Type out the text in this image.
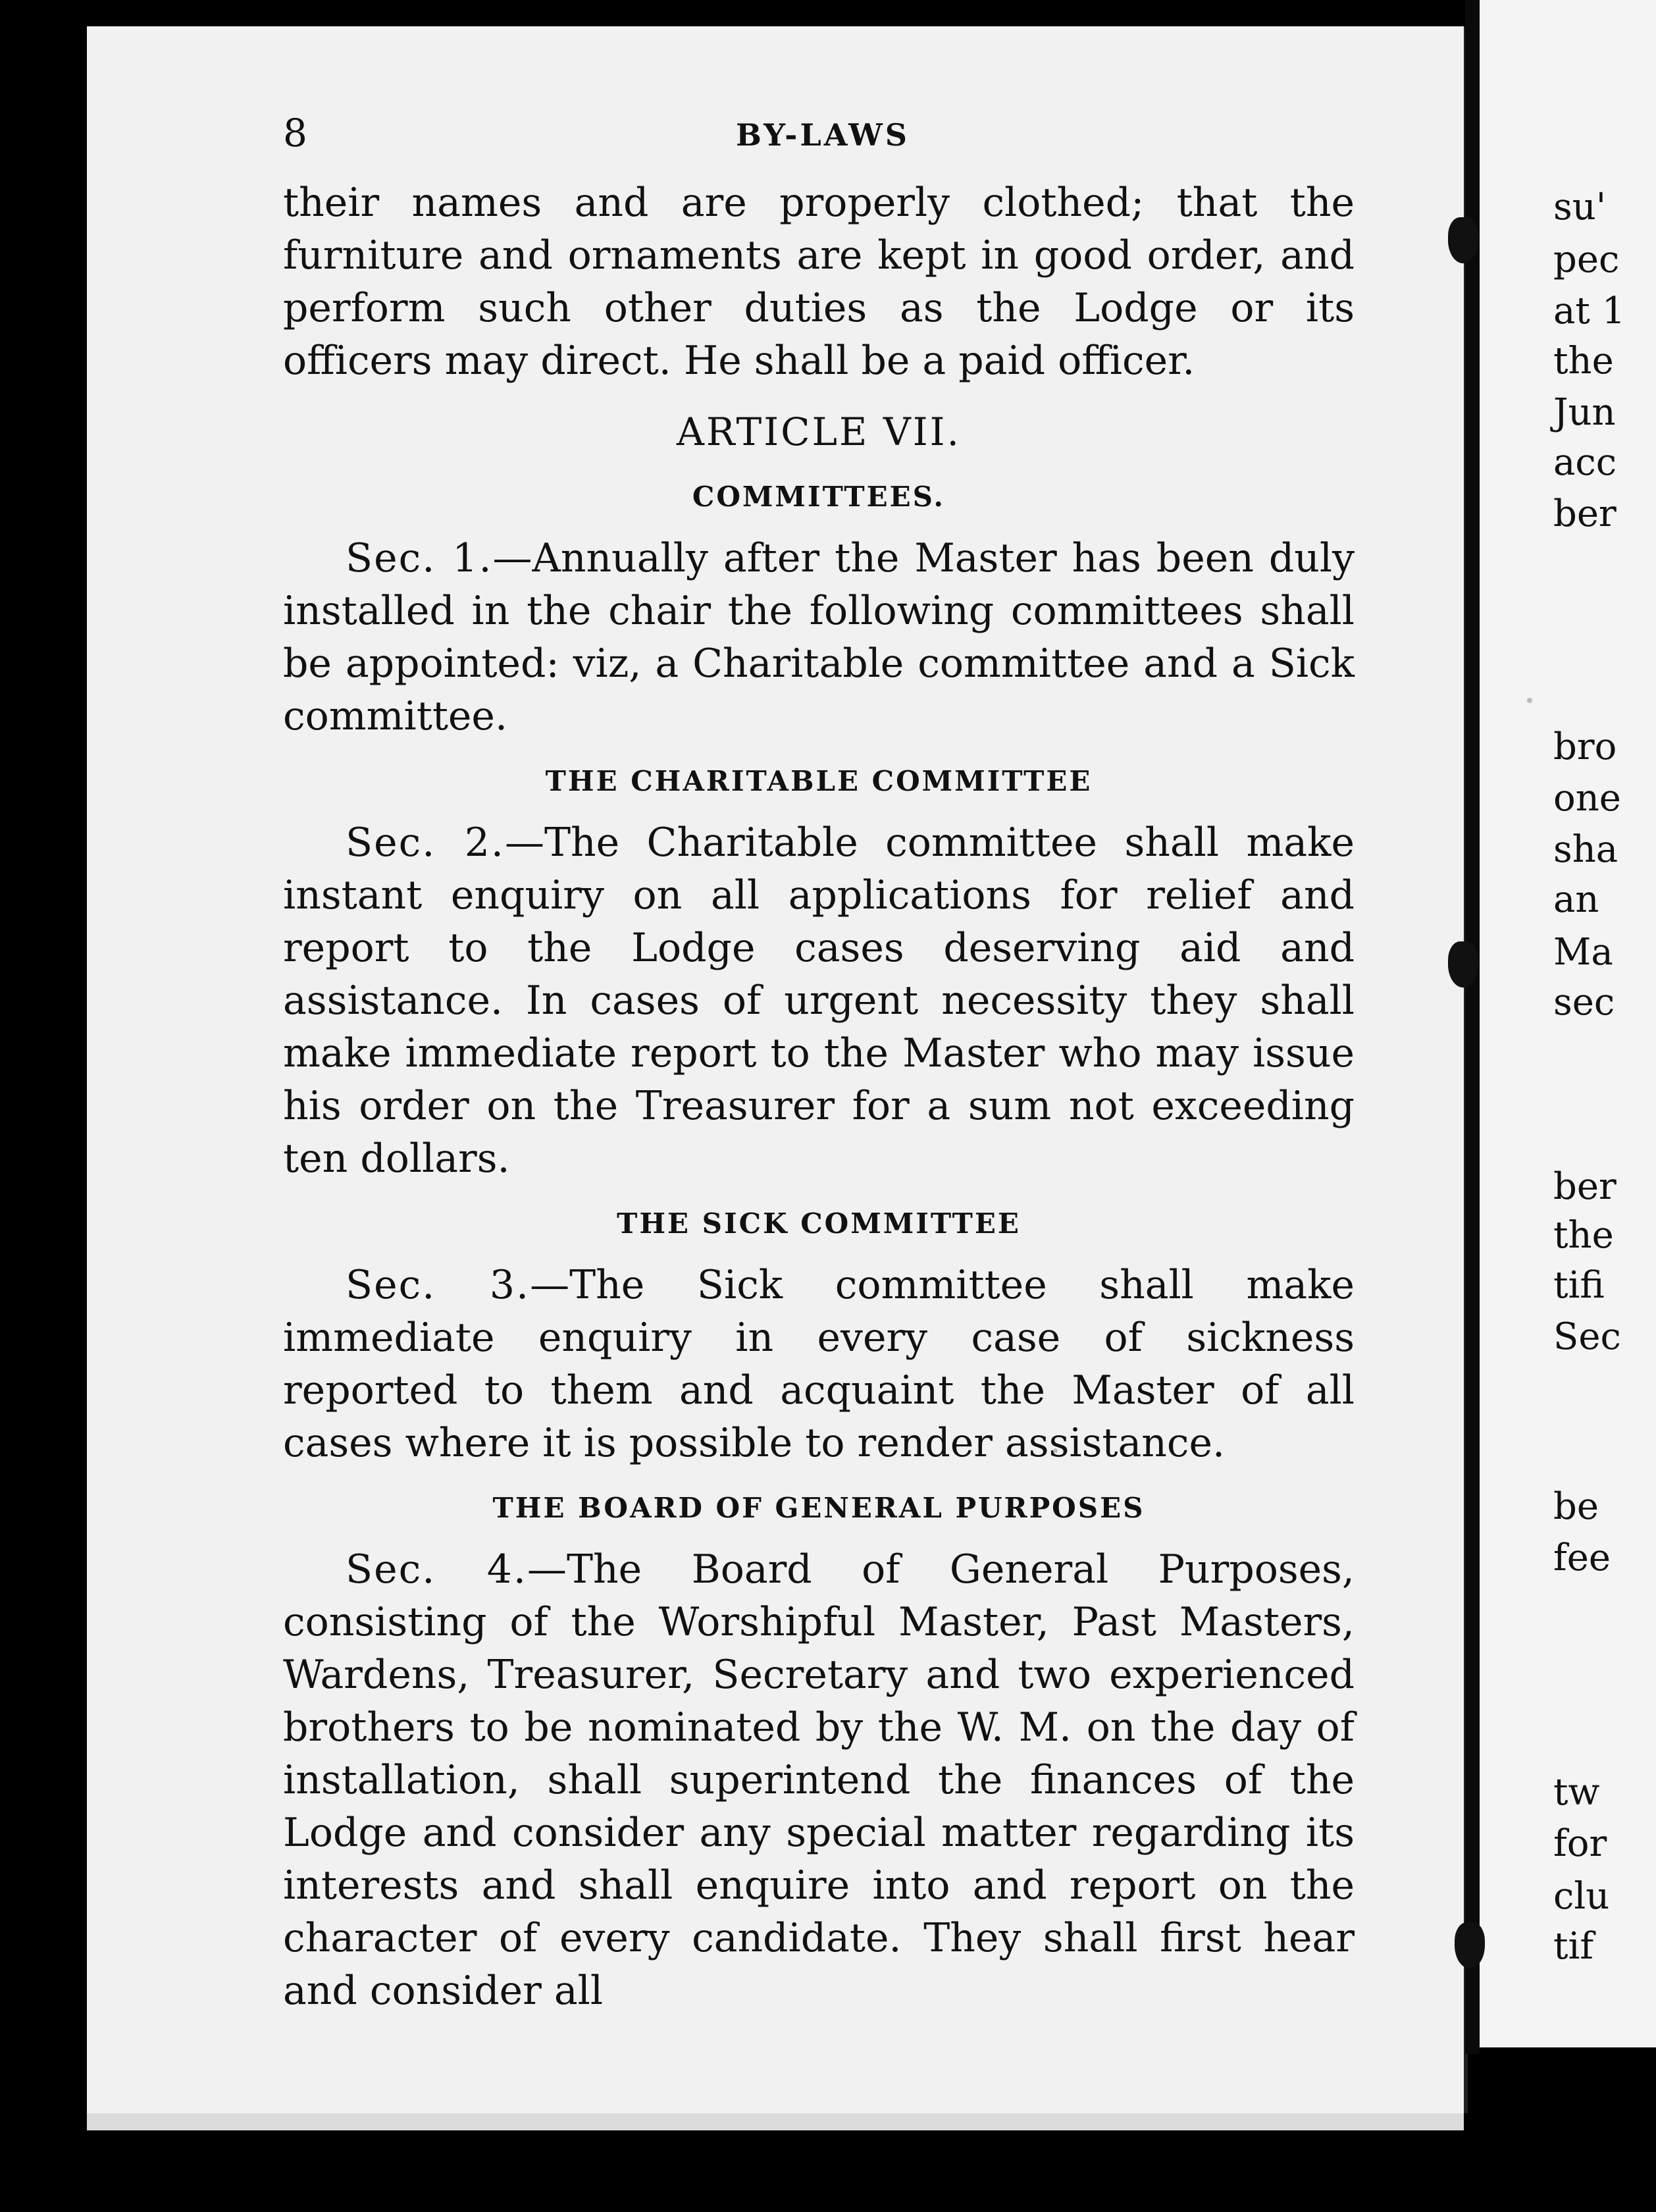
su'
pec
at 1
the
Jun
acc
ber
bro
one
sha
an
Ma
sec
ber
the
tifi
Sec
be
fee
tw
for
clu
tif
8	BY-LAWS

their names and are properly clothed; that the furniture and ornaments are kept in good order, and perform such other duties as the Lodge or its officers may direct. He shall be a paid officer.

ARTICLE VII.
COMMITTEES.

Sec. 1.—Annually after the Master has been duly installed in the chair the following committees shall be appointed: viz, a Charitable committee and a Sick committee.

THE CHARITABLE COMMITTEE

Sec. 2.—The Charitable committee shall make instant enquiry on all applications for relief and report to the Lodge cases deserving aid and assistance. In cases of urgent necessity they shall make immediate report to the Master who may issue his order on the Treasurer for a sum not exceeding ten dollars.

THE SICK COMMITTEE

Sec. 3.—The Sick committee shall make immediate enquiry in every case of sickness reported to them and acquaint the Master of all cases where it is possible to render assistance.

THE BOARD OF GENERAL PURPOSES

Sec. 4.—The Board of General Purposes, consisting of the Worshipful Master, Past Masters, Wardens, Treasurer, Secretary and two experienced brothers to be nominated by the W. M. on the day of installation, shall superintend the finances of the Lodge and consider any special matter regarding its interests and shall enquire into and report on the character of every candidate. They shall first hear and consider all
